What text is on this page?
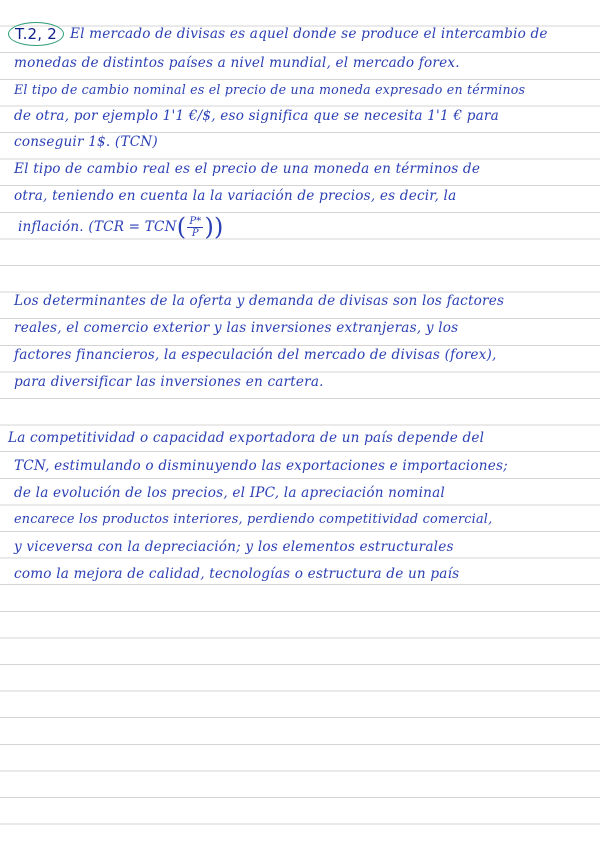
T.2, 2 El mercado de divisas es aquel donde se produce el intercambio de
monedas de distintos países a nivel mundial, el mercado forex.
El tipo de cambio nominal es el precio de una moneda expresado en términos
de otra, por ejemplo 1'1 €/$, eso significa que se necesita 1'1 € para
conseguir 1$. (TCN)
El tipo de cambio real es el precio de una moneda en términos de
otra, teniendo en cuenta la la variación de precios, es decir, la
inflación. (TCR = TCN ( $\frac{P*}{P}$ ) )
Los determinantes de la oferta y demanda de divisas son los factores
reales, el comercio exterior y las inversiones extranjeras, y los
factores financieros, la especulación del mercado de divisas (forex),
para diversificar las inversiones en cartera.
La competitividad o capacidad exportadora de un país depende del
TCN, estimulando o disminuyendo las exportaciones e importaciones;
de la evolución de los precios, el IPC, la apreciación nominal
encarece los productos interiores, perdiendo competitividad comercial,
y viceversa con la depreciación; y los elementos estructurales
como la mejora de calidad, tecnologías o estructura de un país
